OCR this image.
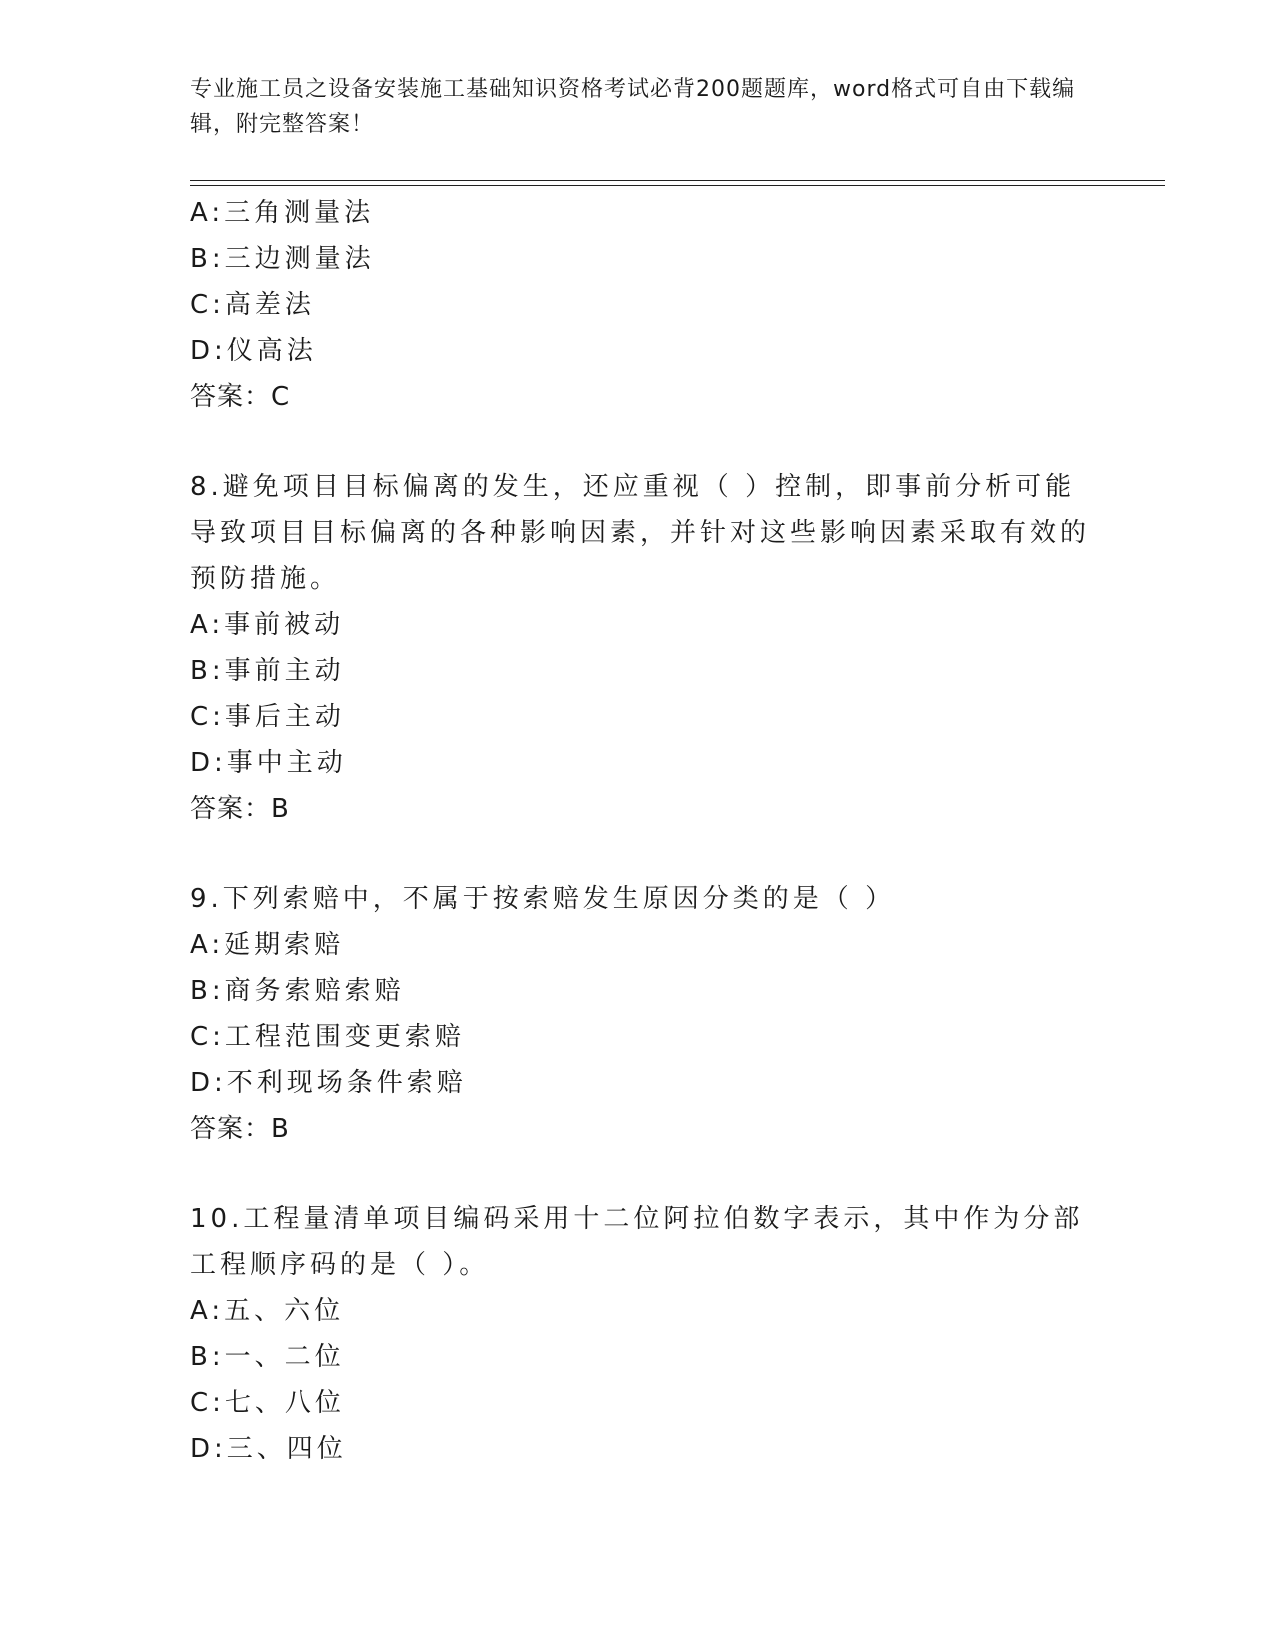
专业施工员之设备安装施工基础知识资格考试必背200题题库，word格式可自由下载编辑，附完整答案！
A:三角测量法
B:三边测量法
C:高差法
D:仪高法
答案：C
8.避免项目目标偏离的发生，还应重视（ ）控制，即事前分析可能导致项目目标偏离的各种影响因素，并针对这些影响因素采取有效的预防措施。
A:事前被动
B:事前主动
C:事后主动
D:事中主动
答案：B
9.下列索赔中，不属于按索赔发生原因分类的是（ ）
A:延期索赔
B:商务索赔索赔
C:工程范围变更索赔
D:不利现场条件索赔
答案：B
10.工程量清单项目编码采用十二位阿拉伯数字表示，其中作为分部工程顺序码的是（ ）。
A:五、六位
B:一、二位
C:七、八位
D:三、四位
